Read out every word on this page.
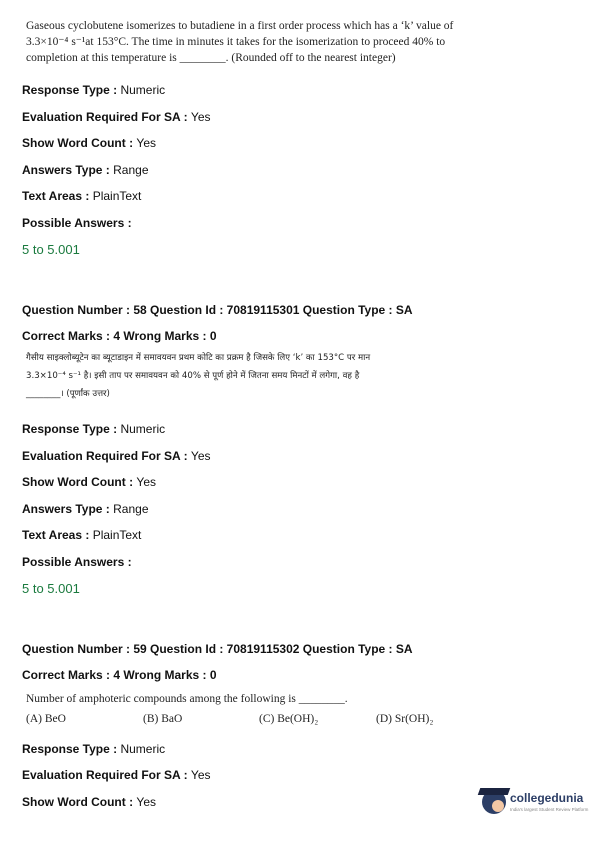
Gaseous cyclobutene isomerizes to butadiene in a first order process which has a ‘k’ value of
3.3×10⁻⁴ s⁻¹at 153°C. The time in minutes it takes for the isomerization to proceed 40% to
completion at this temperature is ________. (Rounded off to the nearest integer)
Response Type : Numeric
Evaluation Required For SA : Yes
Show Word Count : Yes
Answers Type : Range
Text Areas : PlainText
Possible Answers :
5 to 5.001
Question Number : 58 Question Id : 70819115301 Question Type : SA
Correct Marks : 4 Wrong Marks : 0
गैसीय साइक्लोब्यूटेन का ब्यूटाडाइन में समावयवन प्रथम कोटि का प्रक्रम है जिसके लिए ‘k’ का 153°C पर मान
3.3×10⁻⁴ s⁻¹ है। इसी ताप पर समावयवन को 40% से पूर्ण होने में जितना समय मिनटों में लगेगा, वह है
________। (पूर्णांक उत्तर)
Response Type : Numeric
Evaluation Required For SA : Yes
Show Word Count : Yes
Answers Type : Range
Text Areas : PlainText
Possible Answers :
5 to 5.001
Question Number : 59 Question Id : 70819115302 Question Type : SA
Correct Marks : 4 Wrong Marks : 0
Number of amphoteric compounds among the following is ________.
(A) BeO	(B) BaO	(C) Be(OH)₂	(D) Sr(OH)₂
Response Type : Numeric
Evaluation Required For SA : Yes
Show Word Count : Yes	collegedunia
India's largest Student Review Platform
